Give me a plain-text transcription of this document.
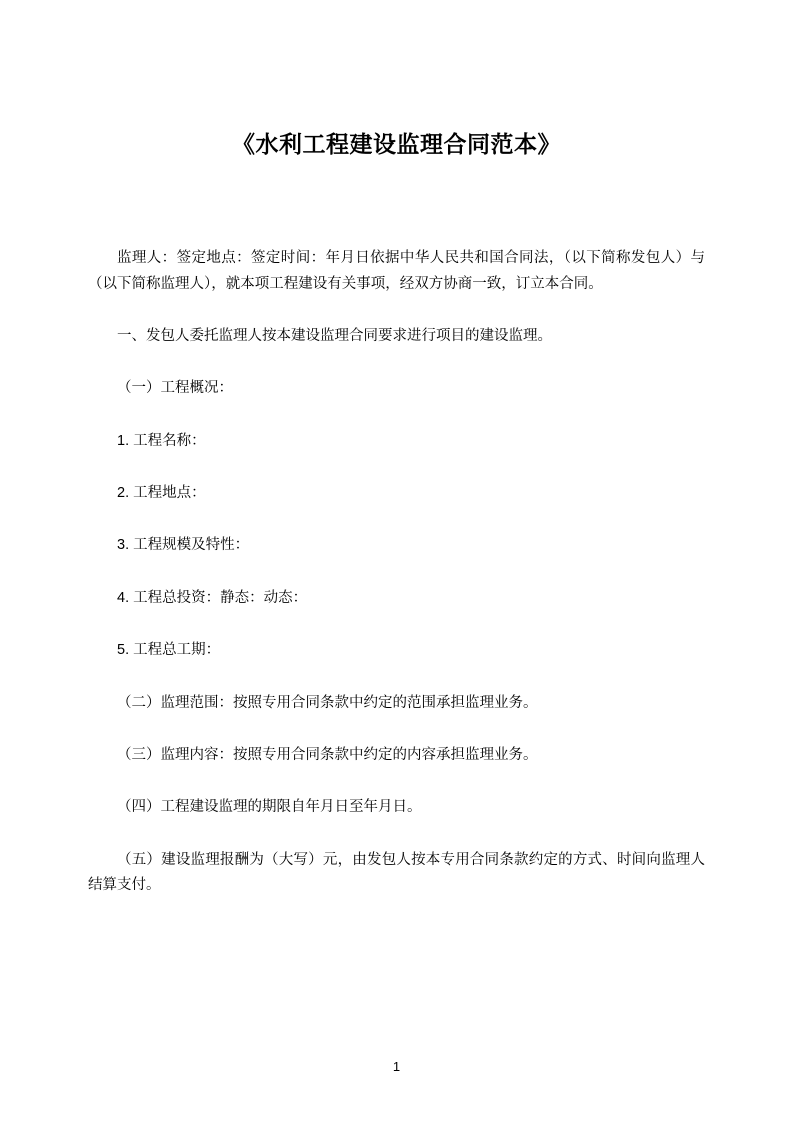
《水利工程建设监理合同范本》

监理人：签定地点：签定时间：年月日依据中华人民共和国合同法，（以下简称发包人）与（以下简称监理人），就本项工程建设有关事项，经双方协商一致，订立本合同。

一、发包人委托监理人按本建设监理合同要求进行项目的建设监理。

（一）工程概况：

1. 工程名称：

2. 工程地点：

3. 工程规模及特性：

4. 工程总投资：静态：动态：

5. 工程总工期：

（二）监理范围：按照专用合同条款中约定的范围承担监理业务。

（三）监理内容：按照专用合同条款中约定的内容承担监理业务。

（四）工程建设监理的期限自年月日至年月日。

（五）建设监理报酬为（大写）元，由发包人按本专用合同条款约定的方式、时间向监理人结算支付。

1
